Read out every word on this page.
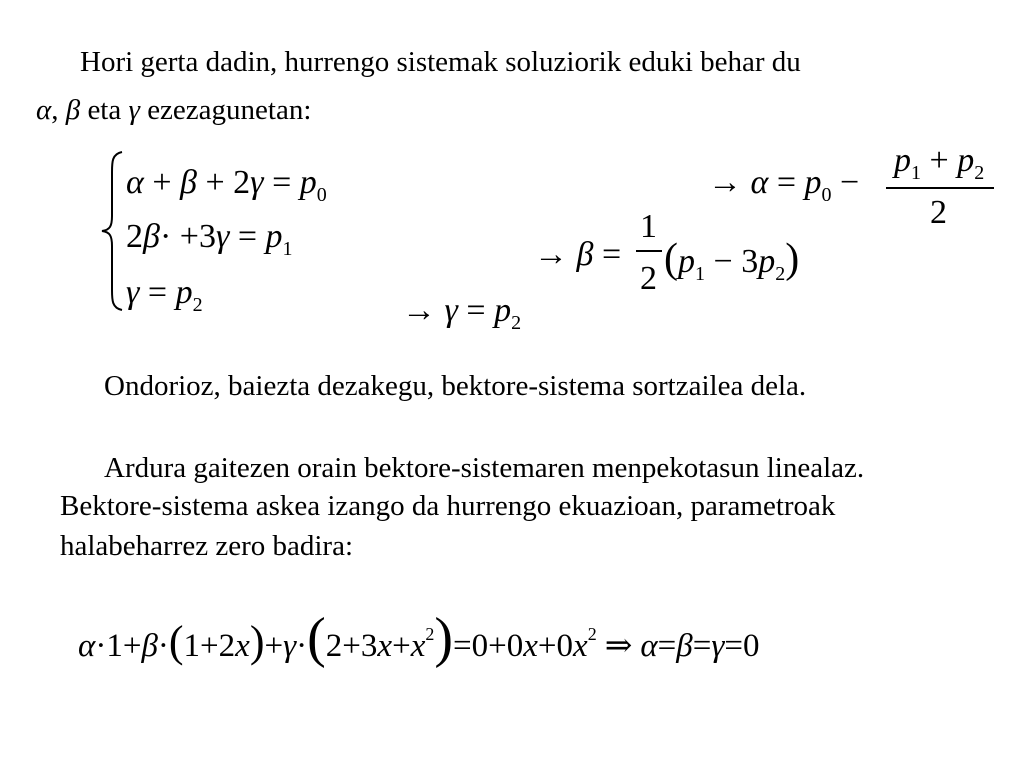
Hori gerta dadin, hurrengo sistemak soluziorik eduki behar du
α, β eta γ ezezagunetan:
$\alpha + \beta + 2\gamma = p_0$
$2\beta\cdot +3\gamma = p_1$
$\gamma = p_2$
→ $\alpha = p_0$ −
$p_1 + p_2$
2
→ β =
1
2 $(p_1 - 3p_2)$
→ $\gamma = p_2$
Ondorioz, baiezta dezakegu, bektore-sistema sortzailea dela.
Ardura gaitezen orain bektore-sistemaren menpekotasun linealaz.
Bektore-sistema askea izango da hurrengo ekuazioan, parametroak
halabeharrez zero badira:
$\alpha\cdot 1+\beta\cdot(1+2x)+\gamma\cdot(2+3x+x^2)=0+0x+0x^2$ ⇒ α=β=γ=0
